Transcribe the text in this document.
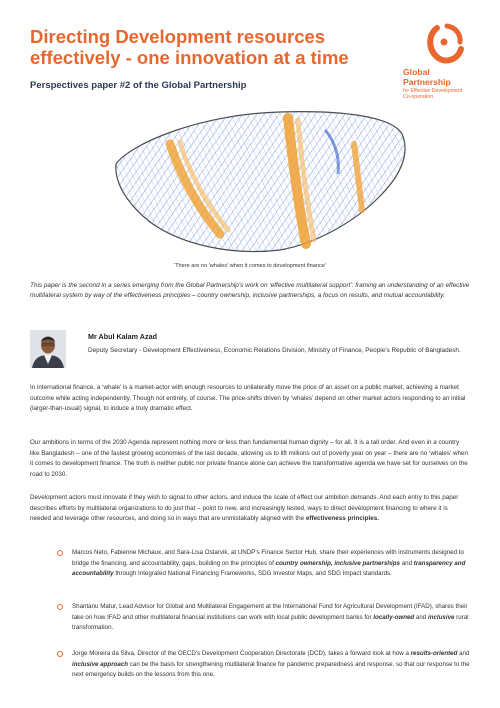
Directing Development resources
effectively - one innovation at a time
Perspectives paper #2 of the Global Partnership
Global
Partnership
for Effective Development
Co-operation
'There are no 'whales' when it comes to development finance'

This paper is the second in a series emerging from the Global Partnership’s work on ‘effective multilateral support’: framing an understanding of an effective multilateral system by way of the effectiveness principles – country ownership, inclusive partnerships, a focus on results, and mutual accountability.

Mr Abul Kalam Azad
Deputy Secretary - Development Effectiveness, Economic Relations Division, Ministry of Finance, People’s Republic of Bangladesh.

In international finance, a ‘whale’ is a market-actor with enough resources to unilaterally move the price of an asset on a public market, achieving a market outcome while acting independently. Though not entirely, of course. The price-shifts driven by ‘whales’ depend on other market actors responding to an initial (larger-than-usual) signal, to induce a truly dramatic effect.

Our ambitions in terms of the 2030 Agenda represent nothing more or less than fundamental human dignity – for all. It is a tall order. And even in a country like Bangladesh – one of the fastest growing economies of the last decade, allowing us to lift millions out of poverty year on year – there are no ‘whales’ when it comes to development finance. The truth is neither public nor private finance alone can achieve the transformative agenda we have set for ourselves on the road to 2030.

Development actors must innovate if they wish to signal to other actors, and induce the scale of effect our ambition demands. And each entry to this paper describes efforts by multilateral organizations to do just that – point to new, and increasingly tested, ways to direct development financing to where it is needed and leverage other resources, and doing so in ways that are unmistakably aligned with the effectiveness principles.

Marcos Neto, Fabienne Michaux, and Sara-Lisa Ostarvik, at UNDP’s Finance Sector Hub, share their experiences with instruments designed to bridge the financing, and accountability, gaps, building on the principles of country ownership, inclusive partnerships and transparency and accountability through Integrated National Financing Frameworks, SDG Investor Maps, and SDG Impact standards.
Shantanu Matur, Lead Advisor for Global and Multilateral Engagement at the International Fund for Agricultural Development (IFAD), shares their take on how IFAD and other multilateral financial institutions can work with local public development banks for locally-owned and inclusive rural transformation.
Jorge Moreira da Silva, Director of the OECD’s Development Cooperation Directorate (DCD), takes a forward look at how a results-oriented and inclusive approach can be the basis for strengthening multilateral finance for pandemic preparedness and response, so that our response to the next emergency builds on the lessons from this one.
